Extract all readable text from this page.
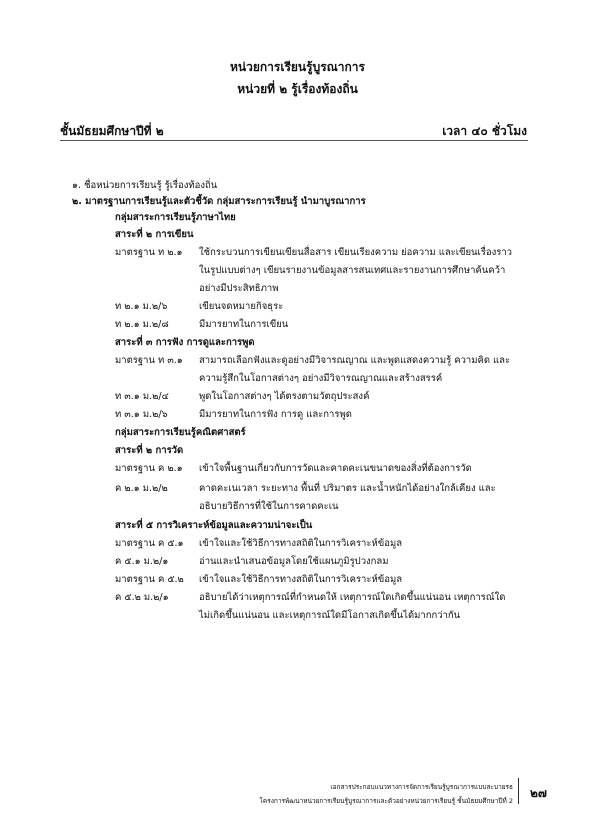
หน่วยการเรียนรู้บูรณาการ
หน่วยที่ ๒ รู้เรื่องท้องถิ่น
ชั้นมัธยมศึกษาปีที่ ๒	เวลา ๔๐ ชั่วโมง
๑. ชื่อหน่วยการเรียนรู้ รู้เรื่องท้องถิ่น
๒. มาตรฐานการเรียนรู้และตัวชี้วัด กลุ่มสาระการเรียนรู้ นำมาบูรณาการ
กลุ่มสาระการเรียนรู้ภาษาไทย
สาระที่ ๒ การเขียน
มาตรฐาน ท ๒.๑ ใช้กระบวนการเขียนเขียนสื่อสาร เขียนเรียงความ ย่อความ และเขียนเรื่องราว
ในรูปแบบต่างๆ เขียนรายงานข้อมูลสารสนเทศและรายงานการศึกษาค้นคว้า
อย่างมีประสิทธิภาพ
ท ๒.๑ ม.๒/๖	เขียนจดหมายกิจธุระ
ท ๒.๑ ม.๒/๘	มีมารยาทในการเขียน
สาระที่ ๓ การฟัง การดูและการพูด
มาตรฐาน ท ๓.๑ สามารถเลือกฟังและดูอย่างมีวิจารณญาณ และพูดแสดงความรู้ ความคิด และ
ความรู้สึกในโอกาสต่างๆ อย่างมีวิจารณญาณและสร้างสรรค์
ท ๓.๑ ม.๒/๔	พูดในโอกาสต่างๆ ได้ตรงตามวัตถุประสงค์
ท ๓.๑ ม.๒/๖	มีมารยาทในการฟัง การดู และการพูด
กลุ่มสาระการเรียนรู้คณิตศาสตร์
สาระที่ ๒ การวัด
มาตรฐาน ค ๒.๑ เข้าใจพื้นฐานเกี่ยวกับการวัดและคาดคะเนขนาดของสิ่งที่ต้องการวัด
ค ๒.๑ ม.๒/๒	คาดคะเนเวลา ระยะทาง พื้นที่ ปริมาตร และน้ำหนักได้อย่างใกล้เคียง และ
อธิบายวิธีการที่ใช้ในการคาดคะเน
สาระที่ ๕ การวิเคราะห์ข้อมูลและความน่าจะเป็น
มาตรฐาน ค ๕.๑ เข้าใจและใช้วิธีการทางสถิติในการวิเคราะห์ข้อมูล
ค ๕.๑ ม.๒/๑	อ่านและนำเสนอข้อมูลโดยใช้แผนภูมิรูปวงกลม
มาตรฐาน ค ๕.๒ เข้าใจและใช้วิธีการทางสถิติในการวิเคราะห์ข้อมูล
ค ๕.๒ ม.๒/๑	อธิบายได้ว่าเหตุการณ์ที่กำหนดให้ เหตุการณ์ใดเกิดขึ้นแน่นอน เหตุการณ์ใด
ไม่เกิดขึ้นแน่นอน และเหตุการณ์ใดมีโอกาสเกิดขึ้นได้มากกว่ากัน
เอกสารประกอบแนวทางการจัดการเรียนรู้บูรณาการแบบสะบายรธ
โครงการพัฒนาหน่วยการเรียนรู้บูรณาการและตัวอย่างหน่วยการเรียนรู้ ชั้นมัธยมศึกษาปีที่ 2
๒๗
